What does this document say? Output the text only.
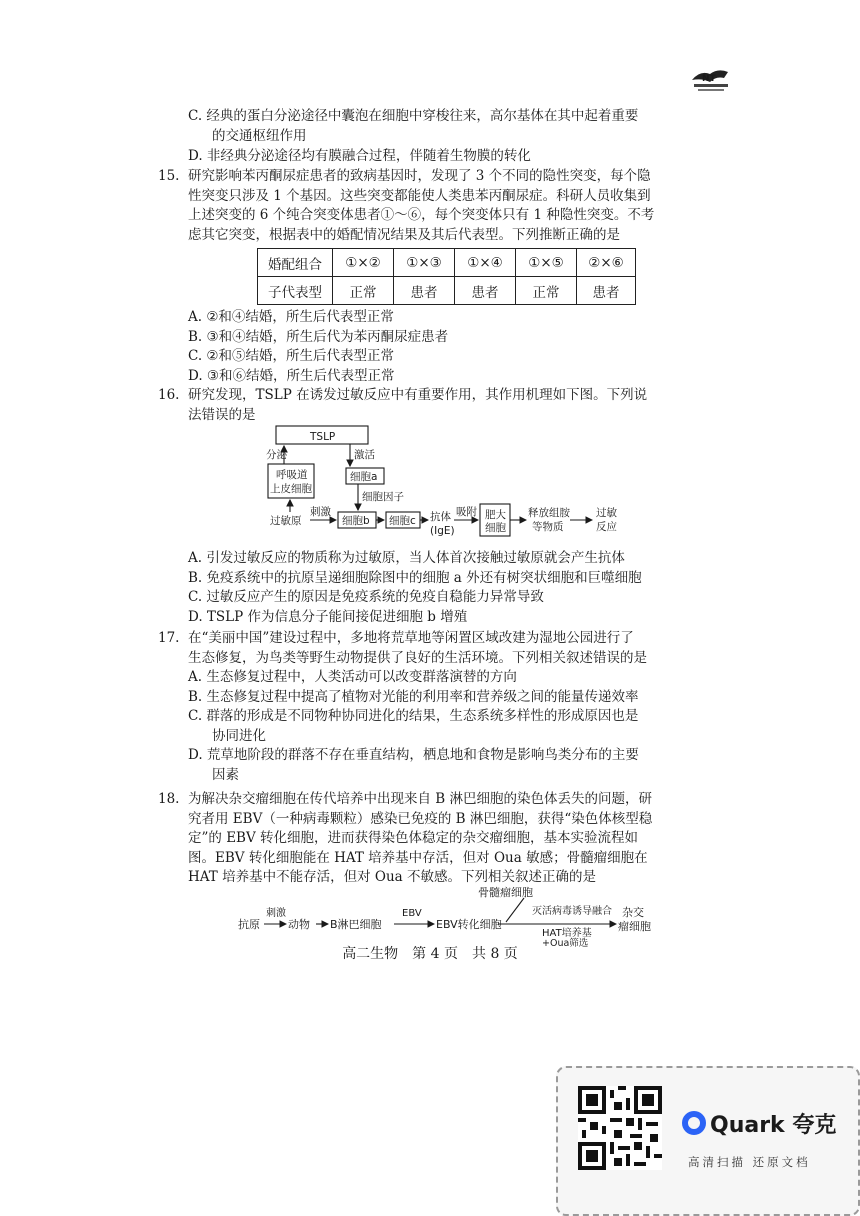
NT
C. 经典的蛋白分泌途径中囊泡在细胞中穿梭往来，高尔基体在其中起着重要
的交通枢纽作用
D. 非经典分泌途径均有膜融合过程，伴随着生物膜的转化
15. 研究影响苯丙酮尿症患者的致病基因时，发现了 3 个不同的隐性突变，每个隐

性突变只涉及 1 个基因。这些突变都能使人类患苯丙酮尿症。科研人员收集到

上述突变的 6 个纯合突变体患者①～⑥，每个突变体只有 1 种隐性突变。不考

虑其它突变，根据表中的婚配情况结果及其后代表型。下列推断正确的是

婚配组合	①×②	①×③	①×④	①×⑤	②×⑥
子代表型	正常	患者	患者	正常	患者

A. ②和④结婚，所生后代表型正常

B. ③和④结婚，所生后代为苯丙酮尿症患者

C. ②和⑤结婚，所生后代表型正常

D. ③和⑥结婚，所生后代表型正常

16. 研究发现，TSLP 在诱发过敏反应中有重要作用，其作用机理如下图。下列说

法错误的是

TSLP
分泌	激活
呼吸道
上皮细胞
细胞a
细胞因子
过敏原
刺激
细胞b 细胞c 抗体
(IgE)
吸附 肥大
细胞
释放组胺
等物质
过敏
反应

A. 引发过敏反应的物质称为过敏原，当人体首次接触过敏原就会产生抗体

B. 免疫系统中的抗原呈递细胞除图中的细胞 a 外还有树突状细胞和巨噬细胞

C. 过敏反应产生的原因是免疫系统的免疫自稳能力异常导致

D. TSLP 作为信息分子能间接促进细胞 b 增殖

17. 在“美丽中国”建设过程中，多地将荒草地等闲置区域改建为湿地公园进行了

生态修复，为鸟类等野生动物提供了良好的生活环境。下列相关叙述错误的是

A. 生态修复过程中，人类活动可以改变群落演替的方向

B. 生态修复过程中提高了植物对光能的利用率和营养级之间的能量传递效率

C. 群落的形成是不同物种协同进化的结果，生态系统多样性的形成原因也是

协同进化

D. 荒草地阶段的群落不存在垂直结构，栖息地和食物是影响鸟类分布的主要

因素

18. 为解决杂交瘤细胞在传代培养中出现来自 B 淋巴细胞的染色体丢失的问题，研

究者用 EBV（一种病毒颗粒）感染已免疫的 B 淋巴细胞，获得“染色体核型稳

定”的 EBV 转化细胞，进而获得染色体稳定的杂交瘤细胞，基本实验流程如

图。EBV 转化细胞能在 HAT 培养基中存活，但对 Oua 敏感；骨髓瘤细胞在

HAT 培养基中不能存活，但对 Oua 不敏感。下列相关叙述正确的是

抗原
刺激
动物 B淋巴细胞
EBV
EBV转化细胞
骨髓瘤细胞
灭活病毒诱导融合
HAT培养基
+Oua筛选
杂交
瘤细胞
高二生物　第 4 页　共 8 页
Quark 夸克
高清扫描 还原文档
